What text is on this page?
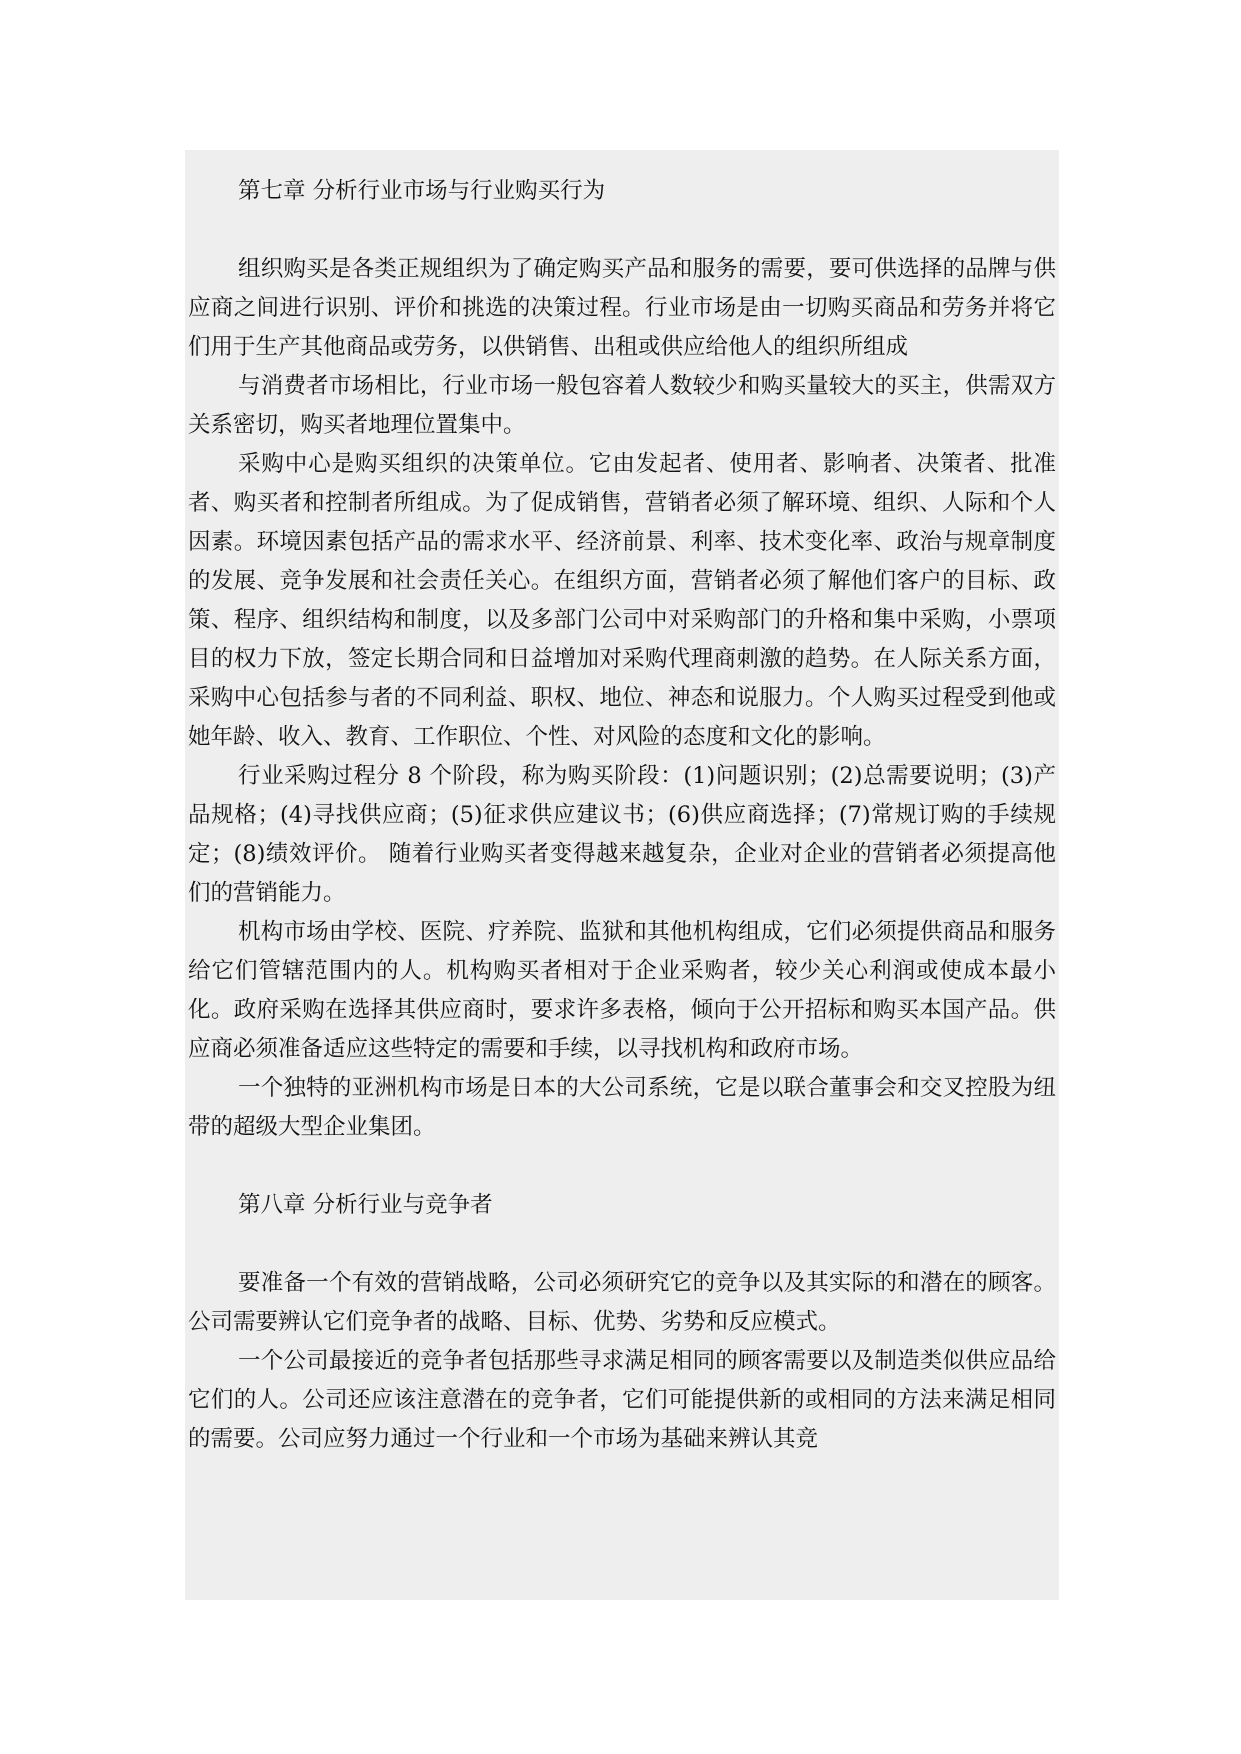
第七章 分析行业市场与行业购买行为

组织购买是各类正规组织为了确定购买产品和服务的需要，要可供选择的品牌与供应商之间进行识别、评价和挑选的决策过程。行业市场是由一切购买商品和劳务并将它们用于生产其他商品或劳务，以供销售、出租或供应给他人的组织所组成

与消费者市场相比，行业市场一般包容着人数较少和购买量较大的买主，供需双方关系密切，购买者地理位置集中。

采购中心是购买组织的决策单位。它由发起者、使用者、影响者、决策者、批准者、购买者和控制者所组成。为了促成销售，营销者必须了解环境、组织、人际和个人因素。环境因素包括产品的需求水平、经济前景、利率、技术变化率、政治与规章制度的发展、竞争发展和社会责任关心。在组织方面，营销者必须了解他们客户的目标、政策、程序、组织结构和制度，以及多部门公司中对采购部门的升格和集中采购，小票项目的权力下放，签定长期合同和日益增加对采购代理商刺激的趋势。在人际关系方面，采购中心包括参与者的不同利益、职权、地位、神态和说服力。个人购买过程受到他或她年龄、收入、教育、工作职位、个性、对风险的态度和文化的影响。

行业采购过程分 8 个阶段，称为购买阶段：(1)问题识别；(2)总需要说明；(3)产品规格；(4)寻找供应商；(5)征求供应建议书；(6)供应商选择；(7)常规订购的手续规定；(8)绩效评价。 随着行业购买者变得越来越复杂，企业对企业的营销者必须提高他们的营销能力。

机构市场由学校、医院、疗养院、监狱和其他机构组成，它们必须提供商品和服务给它们管辖范围内的人。机构购买者相对于企业采购者，较少关心利润或使成本最小化。政府采购在选择其供应商时，要求许多表格，倾向于公开招标和购买本国产品。供应商必须准备适应这些特定的需要和手续，以寻找机构和政府市场。

一个独特的亚洲机构市场是日本的大公司系统，它是以联合董事会和交叉控股为纽带的超级大型企业集团。

第八章 分析行业与竞争者

要准备一个有效的营销战略，公司必须研究它的竞争以及其实际的和潜在的顾客。公司需要辨认它们竞争者的战略、目标、优势、劣势和反应模式。

一个公司最接近的竞争者包括那些寻求满足相同的顾客需要以及制造类似供应品给它们的人。公司还应该注意潜在的竞争者，它们可能提供新的或相同的方法来满足相同的需要。公司应努力通过一个行业和一个市场为基础来辨认其竞
